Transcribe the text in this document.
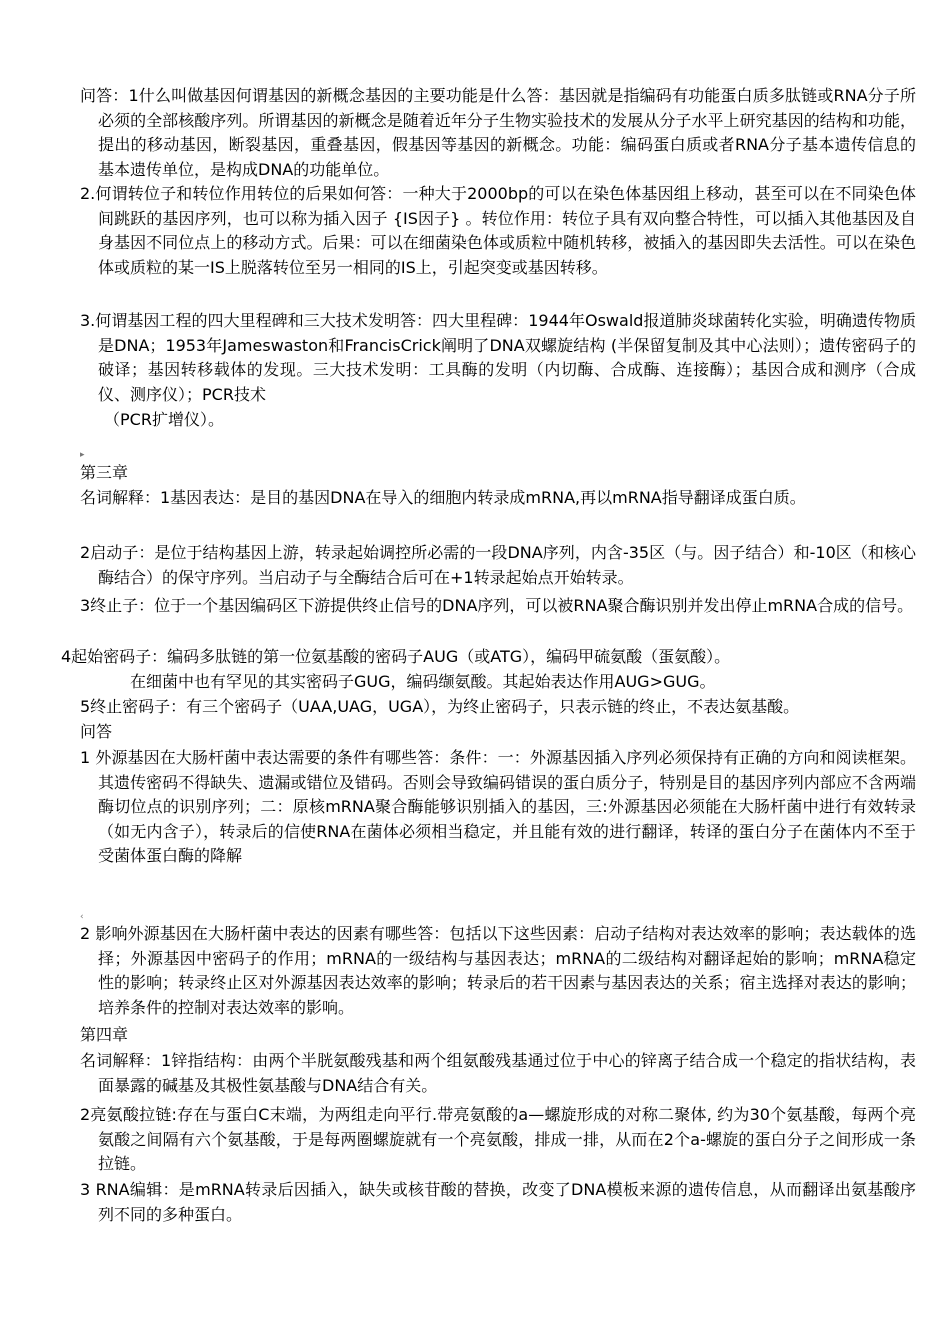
问答：1什么叫做基因何谓基因的新概念基因的主要功能是什么答：基因就是指编码有功能蛋白质多肽链或RNA分子所必须的全部核酸序列。所谓基因的新概念是随着近年分子生物实验技术的发展从分子水平上研究基因的结构和功能，提出的移动基因，断裂基因，重叠基因，假基因等基因的新概念。功能：编码蛋白质或者RNA分子基本遗传信息的基本遗传单位，是构成DNA的功能单位。

2.何谓转位子和转位作用转位的后果如何答：一种大于2000bp的可以在染色体基因组上移动，甚至可以在不同染色体间跳跃的基因序列，也可以称为插入因子 {IS因子} 。转位作用：转位子具有双向整合特性，可以插入其他基因及自身基因不同位点上的移动方式。后果：可以在细菌染色体或质粒中随机转移，被插入的基因即失去活性。可以在染色体或质粒的某一IS上脱落转位至另一相同的IS上，引起突变或基因转移。

3.何谓基因工程的四大里程碑和三大技术发明答：四大里程碑：1944年Oswald报道肺炎球菌转化实验，明确遗传物质是DNA；1953年Jameswaston和FrancisCrick阐明了DNA双螺旋结构 (半保留复制及其中心法则）；遗传密码子的破译；基因转移载体的发现。三大技术发明：工具酶的发明（内切酶、合成酶、连接酶）；基因合成和测序（合成仪、测序仪）；PCR技术

（PCR扩增仪）。

▸

第三章

名词解释：1基因表达：是目的基因DNA在导入的细胞内转录成mRNA,再以mRNA指导翻译成蛋白质。

2启动子：是位于结构基因上游，转录起始调控所必需的一段DNA序列，内含-35区（与。因子结合）和-10区（和核心酶结合）的保守序列。当启动子与全酶结合后可在+1转录起始点开始转录。

3终止子：位于一个基因编码区下游提供终止信号的DNA序列，可以被RNA聚合酶识别并发出停止mRNA合成的信号。

4起始密码子：编码多肽链的第一位氨基酸的密码子AUG（或ATG），编码甲硫氨酸（蛋氨酸）。

在细菌中也有罕见的其实密码子GUG，编码缬氨酸。其起始表达作用AUG>GUG。

5终止密码子：有三个密码子（UAA,UAG，UGA），为终止密码子，只表示链的终止，不表达氨基酸。

问答

1 外源基因在大肠杆菌中表达需要的条件有哪些答：条件：一：外源基因插入序列必须保持有正确的方向和阅读框架。其遗传密码不得缺失、遗漏或错位及错码。否则会导致编码错误的蛋白质分子，特别是目的基因序列内部应不含两端酶切位点的识别序列；二：原核mRNA聚合酶能够识别插入的基因，三:外源基因必须能在大肠杆菌中进行有效转录（如无内含子），转录后的信使RNA在菌体必须相当稳定，并且能有效的进行翻译，转译的蛋白分子在菌体内不至于受菌体蛋白酶的降解

‹

2 影响外源基因在大肠杆菌中表达的因素有哪些答：包括以下这些因素：启动子结构对表达效率的影响；表达载体的选择；外源基因中密码子的作用；mRNA的一级结构与基因表达；mRNA的二级结构对翻译起始的影响；mRNA稳定性的影响；转录终止区对外源基因表达效率的影响；转录后的若干因素与基因表达的关系；宿主选择对表达的影响；培养条件的控制对表达效率的影响。

第四章

名词解释：1锌指结构：由两个半胱氨酸残基和两个组氨酸残基通过位于中心的锌离子结合成一个稳定的指状结构，表面暴露的碱基及其极性氨基酸与DNA结合有关。

2亮氨酸拉链:存在与蛋白C末端，为两组走向平行.带亮氨酸的a—螺旋形成的对称二聚体, 约为30个氨基酸，每两个亮氨酸之间隔有六个氨基酸，于是每两圈螺旋就有一个亮氨酸，排成一排，从而在2个a-螺旋的蛋白分子之间形成一条拉链。

3 RNA编辑：是mRNA转录后因插入，缺失或核苷酸的替换，改变了DNA模板来源的遗传信息，从而翻译出氨基酸序列不同的多种蛋白。
